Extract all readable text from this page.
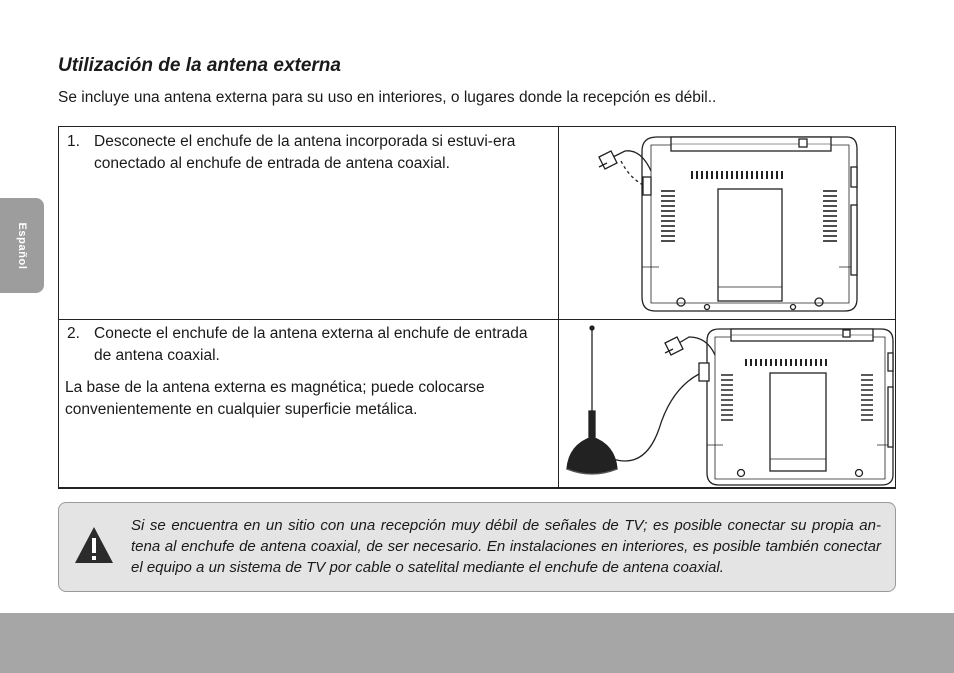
Español
Utilización de la antena externa

Se incluye una antena externa para su uso en interiores, o lugares donde la recepción es débil..

1. Desconecte el enchufe de la antena incorporada si estuvi-era conectado al enchufe de entrada de antena coaxial.
2. Conecte el enchufe de la antena externa al enchufe de entrada de antena coaxial.

La base de la antena externa es magnética; puede colocarse convenientemente en cualquier superficie metálica.

Si se encuentra en un sitio con una recepción muy débil de señales de TV; es posible conectar su propia an-tena al enchufe de antena coaxial, de ser necesario. En instalaciones en interiores, es posible también conectar el equipo a un sistema de TV por cable o satelital mediante el enchufe de antena coaxial.
